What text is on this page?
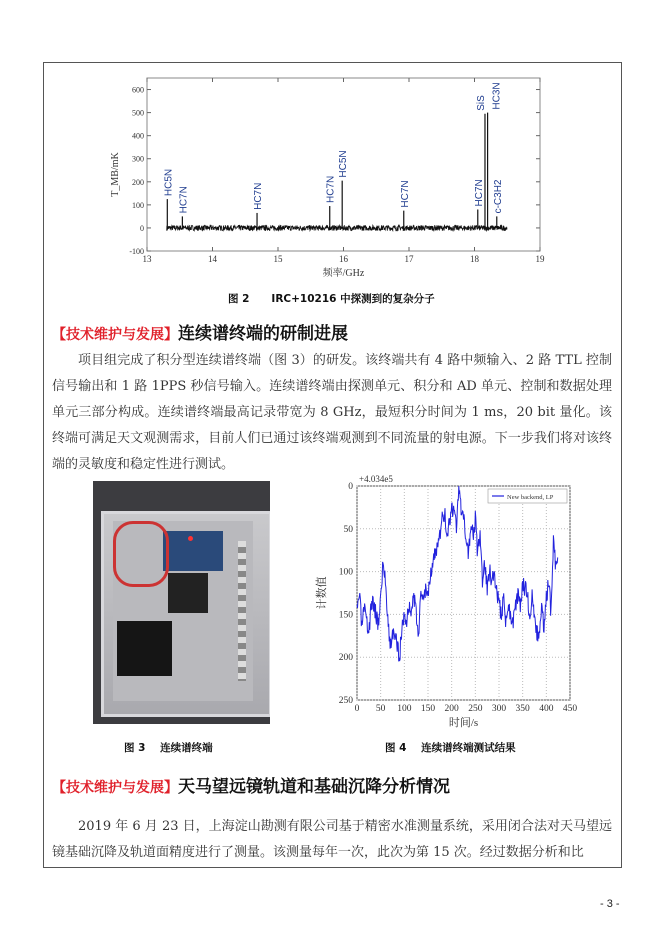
13	14	15	16	17	18	19
-100
0
100
200
300
400
500
600
频率/GHz
T_MB/mK	HC5N
HC7N	HC7N	HC7N
HC5N
HC7N	HC7N
SiS HC3N
c-C3H2
图 2 IRC+10216 中探测到的复杂分子
【技术维护与发展】连续谱终端的研制进展

项目组完成了积分型连续谱终端（图 3）的研发。该终端共有 4 路中频输入、2 路 TTL 控制信号输出和 1 路 1PPS 秒信号输入。连续谱终端由探测单元、积分和 AD 单元、控制和数据处理单元三部分构成。连续谱终端最高记录带宽为 8 GHz，最短积分时间为 1 ms，20 bit 量化。该终端可满足天文观测需求，目前人们已通过该终端观测到不同流量的射电源。下一步我们将对该终端的灵敏度和稳定性进行测试。

图 3 连续谱终端
0 50 100 150 200 250 300 350 400 450
0
50
100
150
200
250
+4.034e5
时间/s
计数值
New backend, LP
图 4 连续谱终端测试结果
【技术维护与发展】天马望远镜轨道和基础沉降分析情况

2019 年 6 月 23 日，上海淀山勘测有限公司基于精密水准测量系统，采用闭合法对天马望远镜基础沉降及轨道面精度进行了测量。该测量每年一次，此次为第 15 次。经过数据分析和比

- 3 -
